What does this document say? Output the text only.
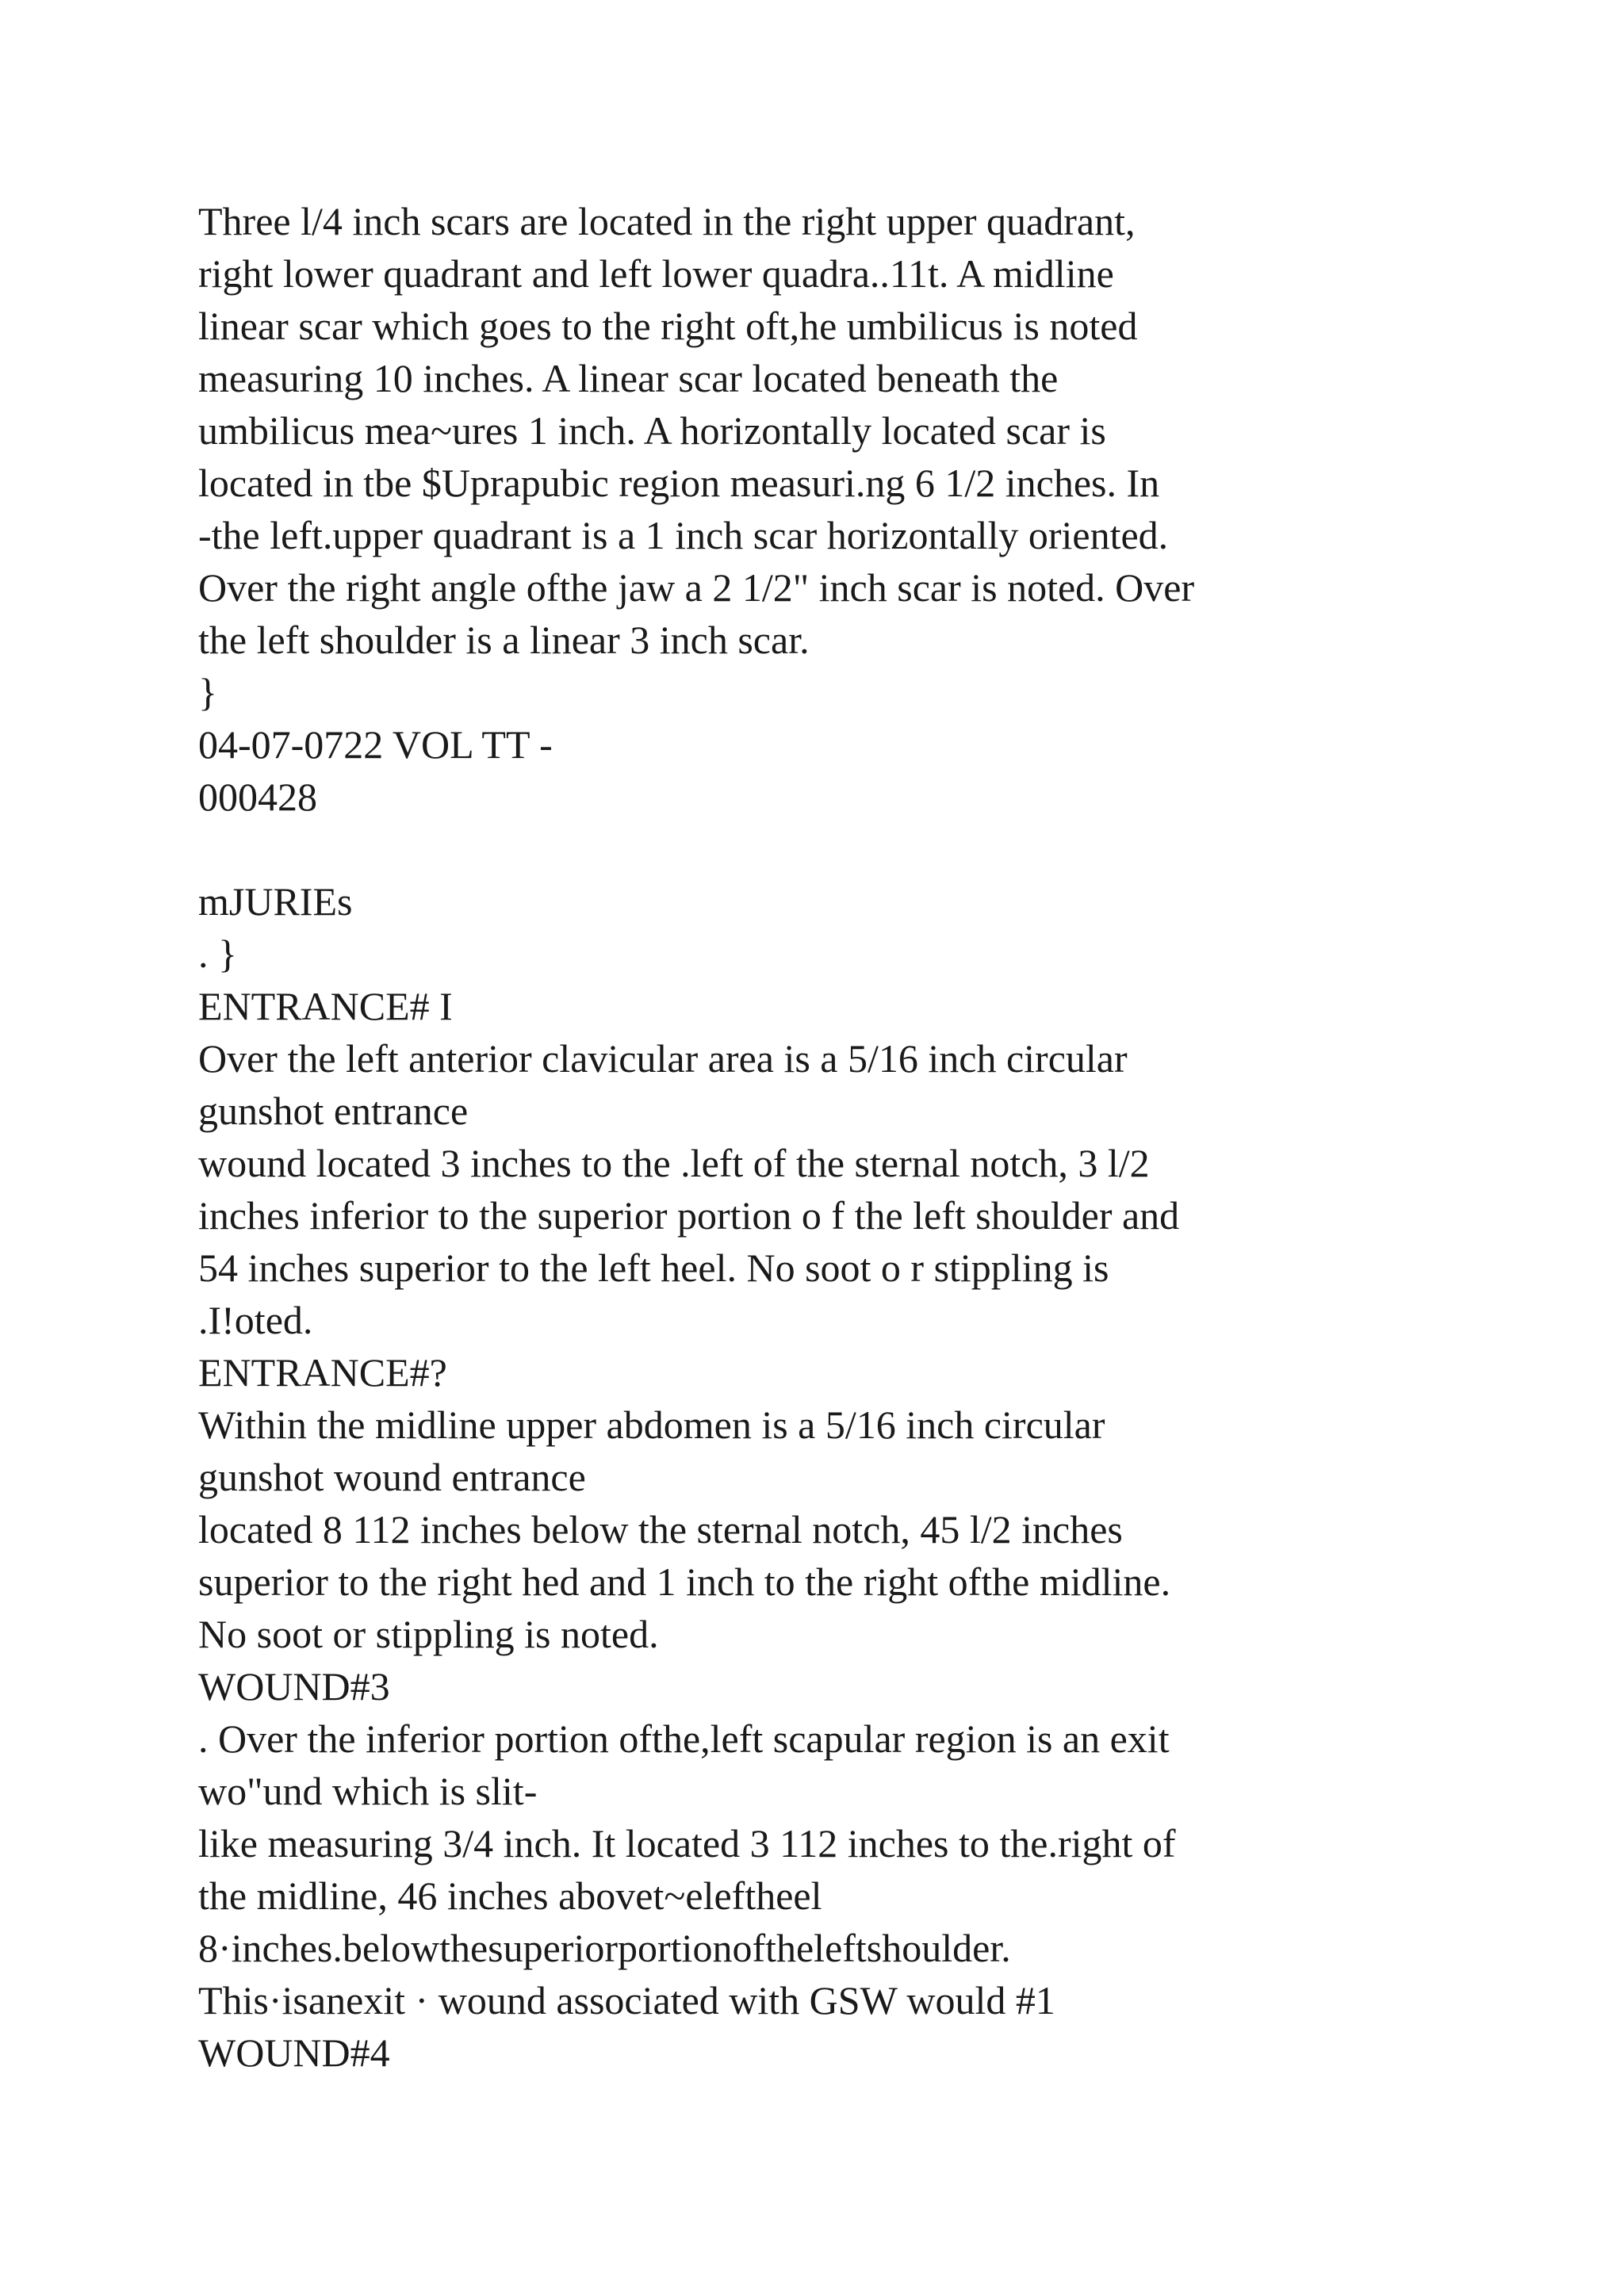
Three l/4 inch scars are located in the right upper quadrant,
right lower quadrant and left lower quadra..11t. A midline
linear scar which goes to the right oft,he umbilicus is noted
measuring 10 inches. A linear scar located beneath the
umbilicus mea~ures 1 inch. A horizontally located scar is
located in tbe $Uprapubic region measuri.ng 6 1/2 inches. In
-the left.upper quadrant is a 1 inch scar horizontally oriented.
Over the right angle ofthe jaw a 2 1/2" inch scar is noted. Over
the left shoulder is a linear 3 inch scar.
}
04-07-0722 VOL TT -
000428
mJURIEs
. }
ENTRANCE# I
Over the left anterior clavicular area is a 5/16 inch circular
gunshot entrance
wound located 3 inches to the .left of the sternal notch, 3 l/2
inches inferior to the superior portion o f the left shoulder and
54 inches superior to the left heel. No soot o r stippling is
.I!oted.
ENTRANCE#?
Within the midline upper abdomen is a 5/16 inch circular
gunshot wound entrance
located 8 112 inches below the sternal notch, 45 l/2 inches
superior to the right hed and 1 inch to the right ofthe midline.
No soot or stippling is noted.
WOUND#3
. Over the inferior portion ofthe,left scapular region is an exit
wo"und which is slit-
like measuring 3/4 inch. It located 3 112 inches to the.right of
the midline, 46 inches abovet~eleftheel
8·inches.belowthesuperiorportionoftheleftshoulder.
This·isanexit · wound associated with GSW would #1
WOUND#4
